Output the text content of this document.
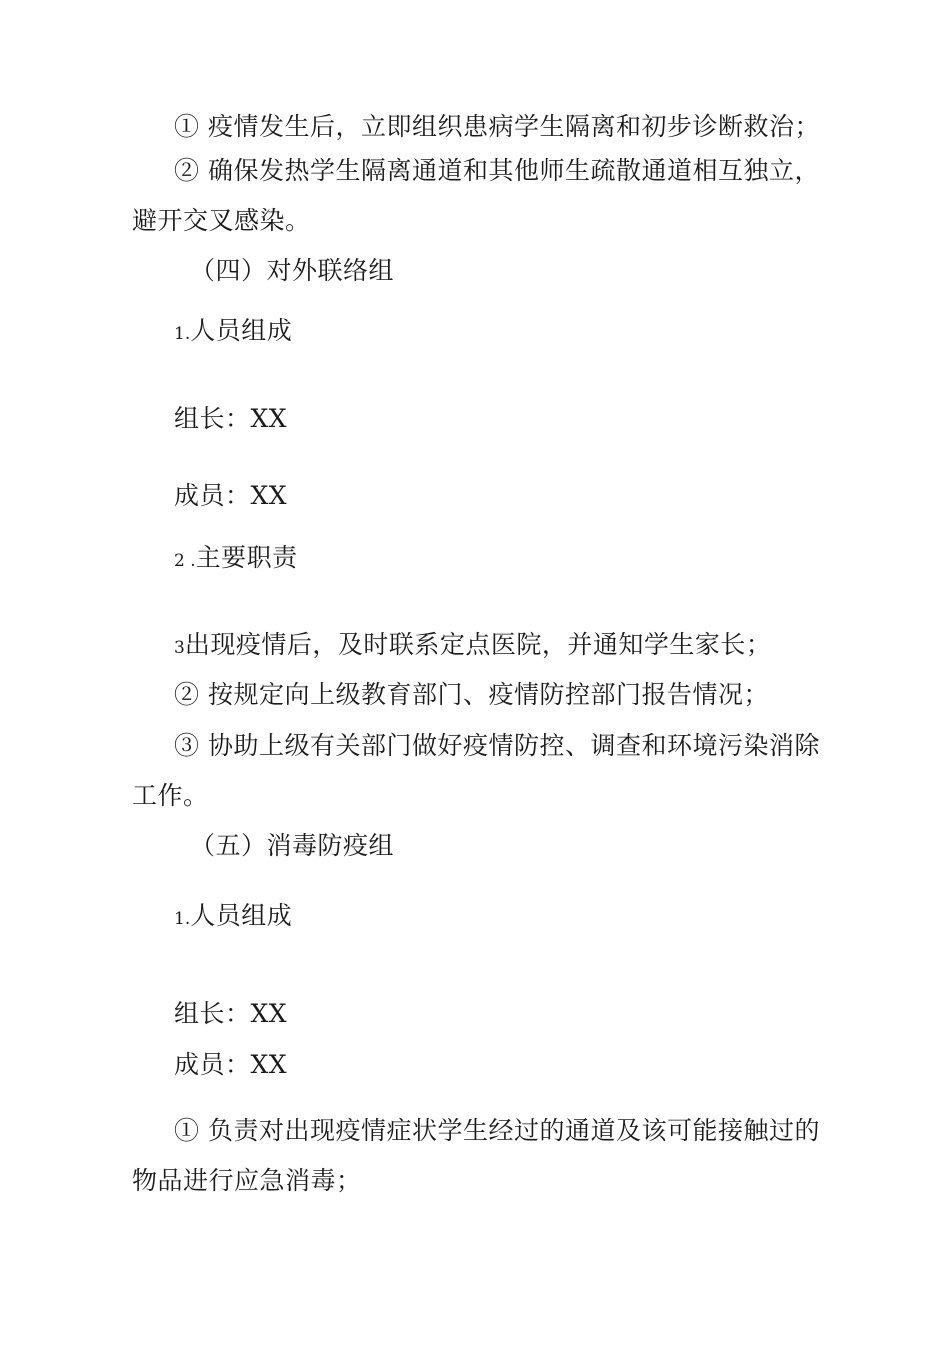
① 疫情发生后，立即组织患病学生隔离和初步诊断救治；
② 确保发热学生隔离通道和其他师生疏散通道相互独立，
避开交叉感染。
（四）对外联络组
1.人员组成
组长：XX
成员：XX
2 .主要职责
3出现疫情后，及时联系定点医院，并通知学生家长；
② 按规定向上级教育部门、疫情防控部门报告情况；
③ 协助上级有关部门做好疫情防控、调查和环境污染消除
工作。
（五）消毒防疫组
1.人员组成
组长：XX
成员：XX
① 负责对出现疫情症状学生经过的通道及该可能接触过的
物品进行应急消毒；
